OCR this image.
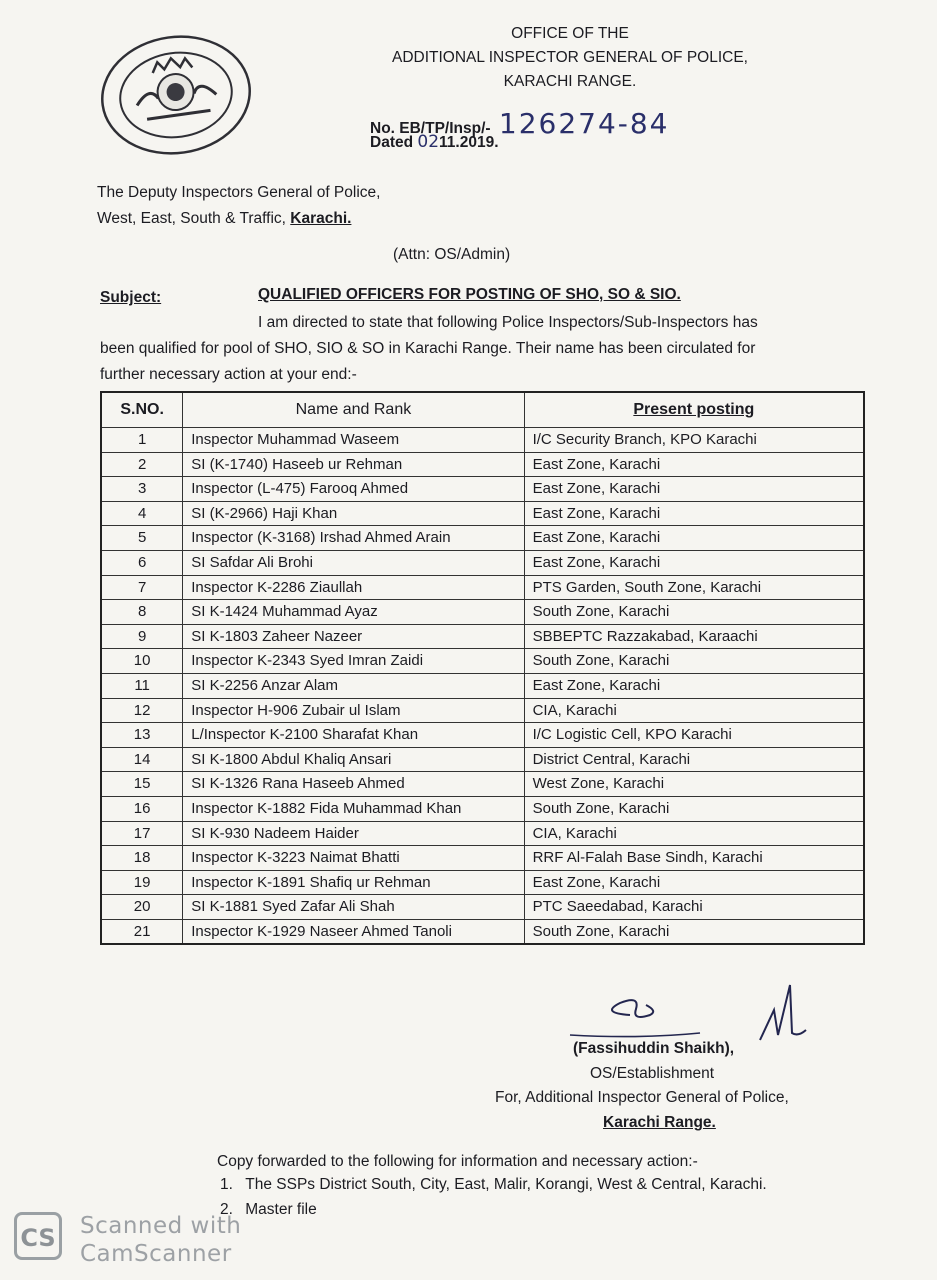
OFFICE OF THE
ADDITIONAL INSPECTOR GENERAL OF POLICE,
KARACHI RANGE.
No. EB/TP/Insp/- 126274-84
Dated 0211.2019.
The Deputy Inspectors General of Police,
West, East, South & Traffic, Karachi.
(Attn: OS/Admin)
Subject:	QUALIFIED OFFICERS FOR POSTING OF SHO, SO & SIO.
I am directed to state that following Police Inspectors/Sub-Inspectors has
been qualified for pool of SHO, SIO & SO in Karachi Range. Their name has been circulated for
further necessary action at your end:-
S.NO.	Name and Rank	Present posting
1	Inspector Muhammad Waseem	I/C Security Branch, KPO Karachi
2	SI (K-1740) Haseeb ur Rehman	East Zone, Karachi
3	Inspector (L-475) Farooq Ahmed	East Zone, Karachi
4	SI (K-2966) Haji Khan	East Zone, Karachi
5	Inspector (K-3168) Irshad Ahmed Arain	East Zone, Karachi
6	SI Safdar Ali Brohi	East Zone, Karachi
7	Inspector K-2286 Ziaullah	PTS Garden, South Zone, Karachi
8	SI K-1424 Muhammad Ayaz	South Zone, Karachi
9	SI K-1803 Zaheer Nazeer	SBBEPTC Razzakabad, Karaachi
10	Inspector K-2343 Syed Imran Zaidi	South Zone, Karachi
11	SI K-2256 Anzar Alam	East Zone, Karachi
12	Inspector H-906 Zubair ul Islam	CIA, Karachi
13	L/Inspector K-2100 Sharafat Khan	I/C Logistic Cell, KPO Karachi
14	SI K-1800 Abdul Khaliq Ansari	District Central, Karachi
15	SI K-1326 Rana Haseeb Ahmed	West Zone, Karachi
16	Inspector K-1882 Fida Muhammad Khan	South Zone, Karachi
17	SI K-930 Nadeem Haider	CIA, Karachi
18	Inspector K-3223 Naimat Bhatti	RRF Al-Falah Base Sindh, Karachi
19	Inspector K-1891 Shafiq ur Rehman	East Zone, Karachi
20	SI K-1881 Syed Zafar Ali Shah	PTC Saeedabad, Karachi
21	Inspector K-1929 Naseer Ahmed Tanoli	South Zone, Karachi
(Fassihuddin Shaikh),
OS/Establishment
For, Additional Inspector General of Police,
Karachi Range.
Copy forwarded to the following for information and necessary action:-
1. The SSPs District South, City, East, Malir, Korangi, West & Central, Karachi.
2. Master file
CS Scanned with
CamScanner
